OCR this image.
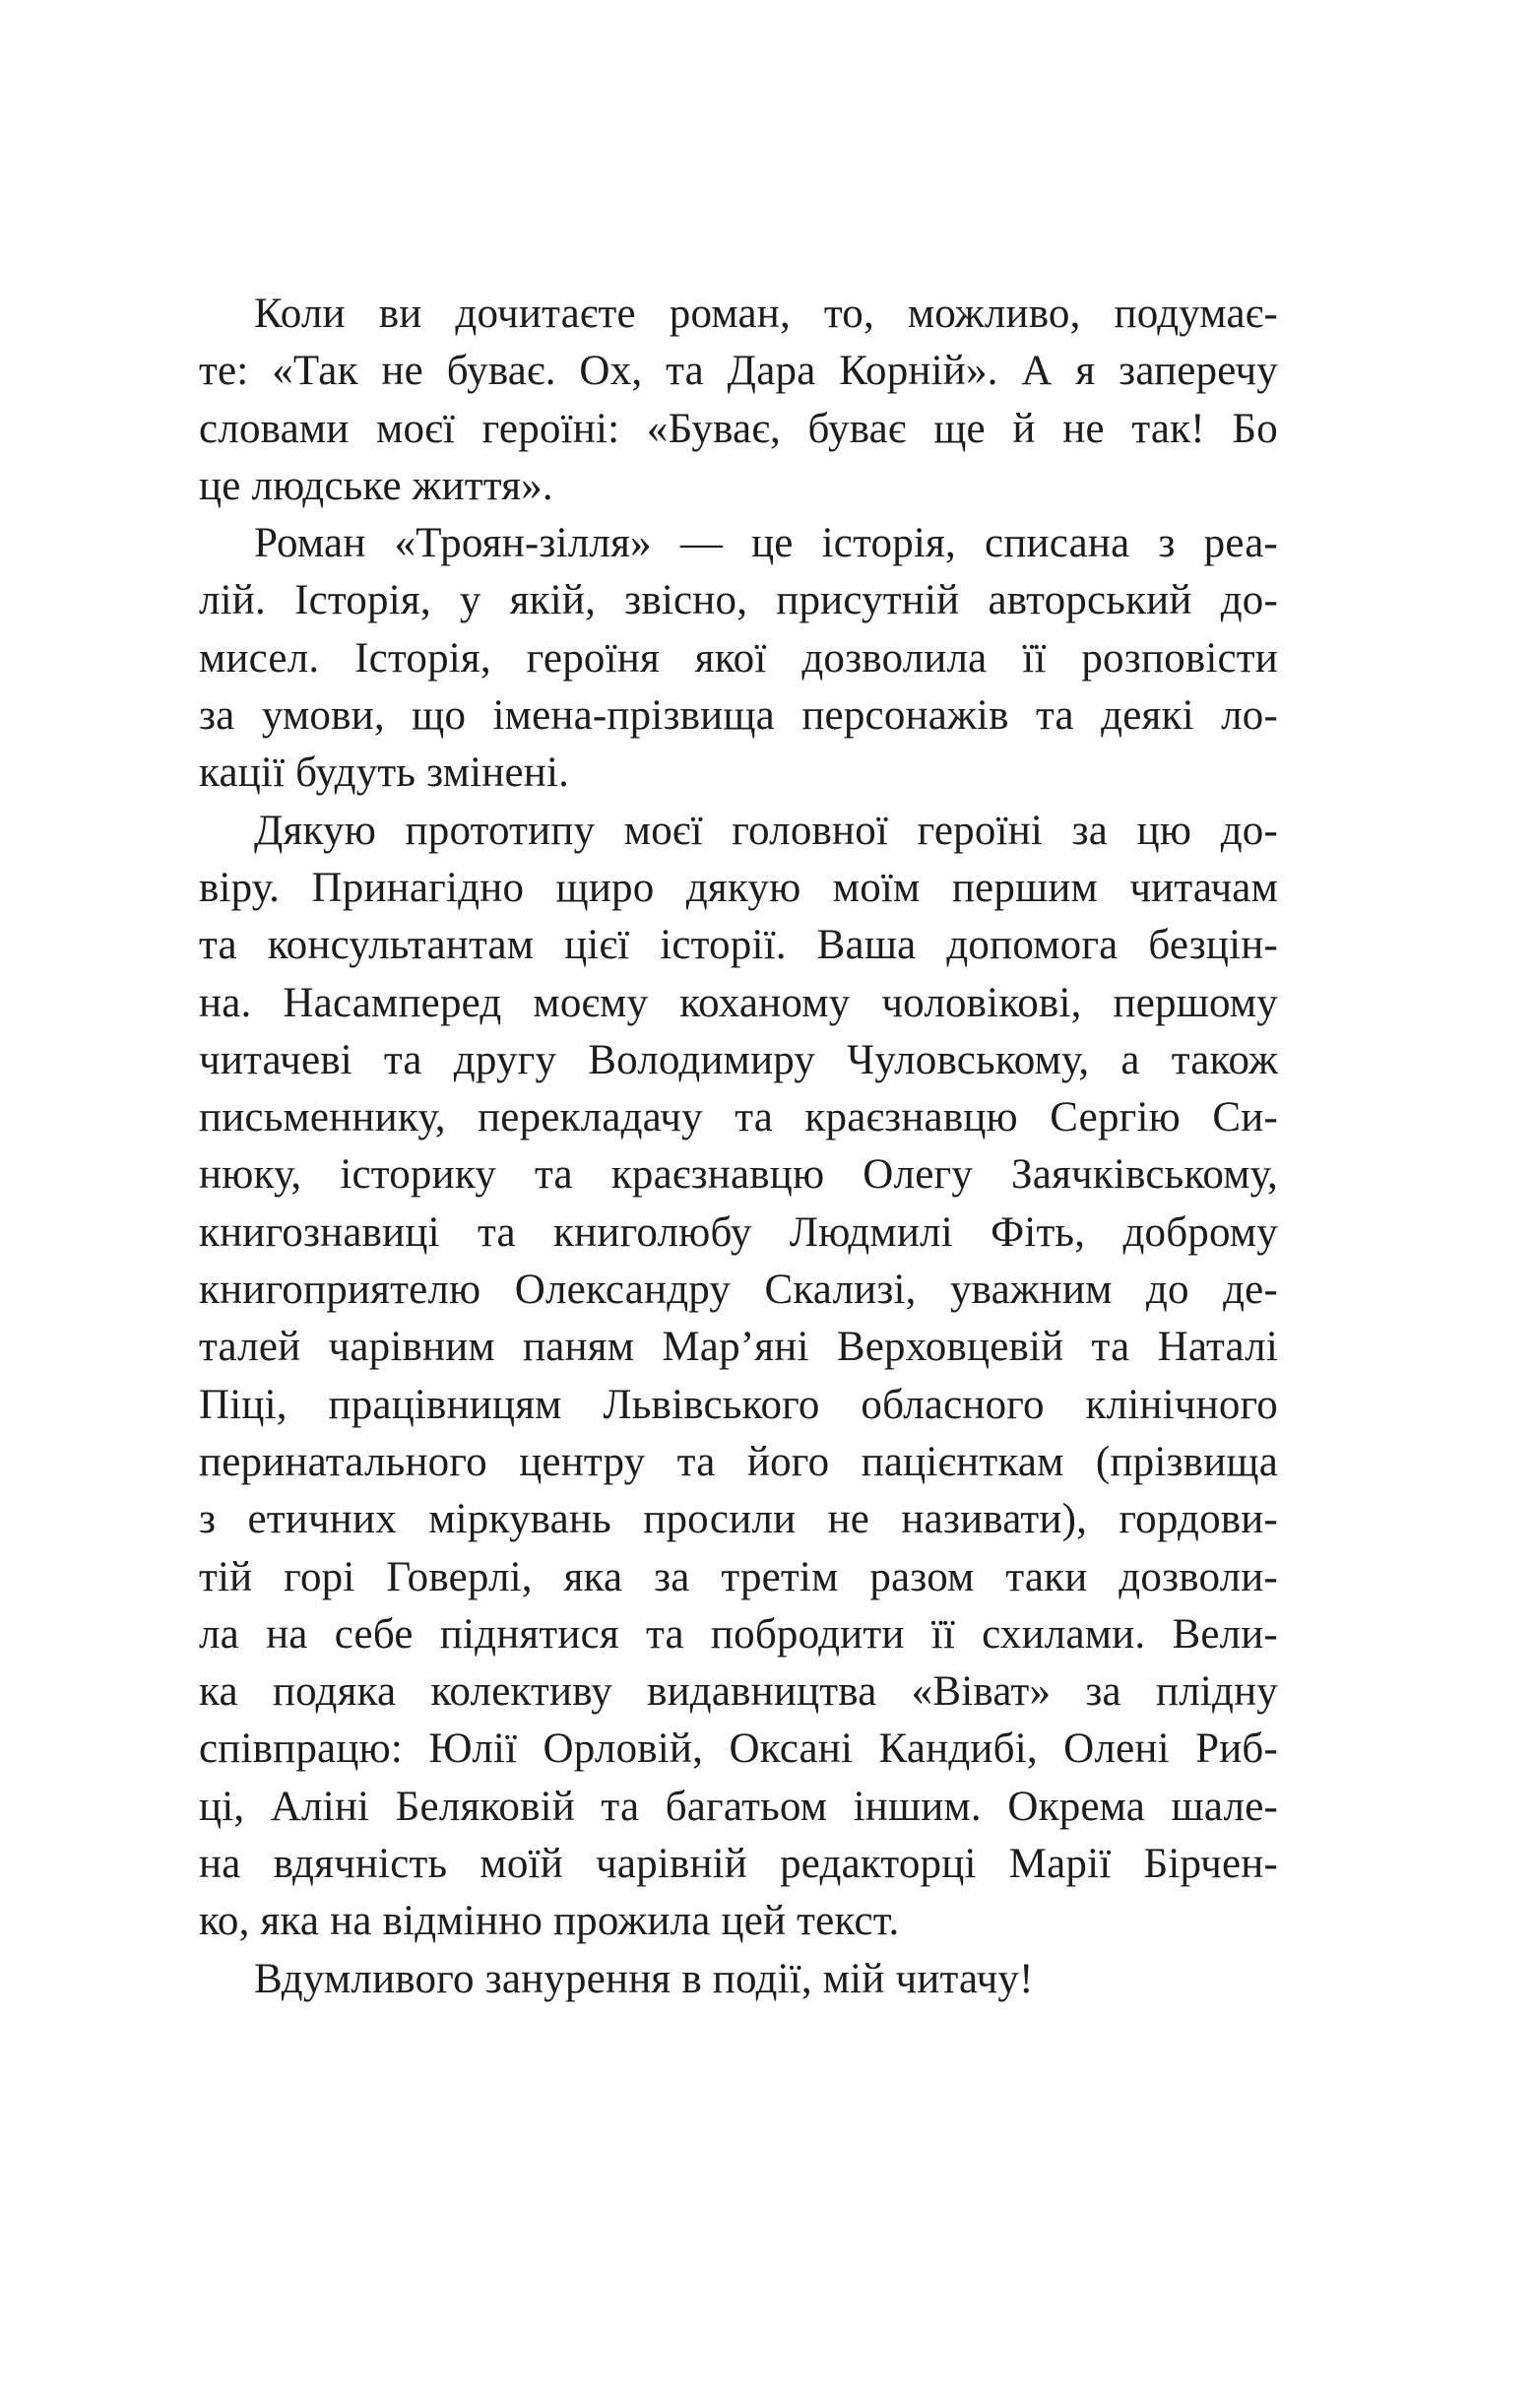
Коли ви дочитаєте роман, то, можливо, подумає-
те: «Так не буває. Ох, та Дара Корній». А я заперечу
словами моєї героїні: «Буває, буває ще й не так! Бо
це людське життя».
Роман «Троян-зілля» — це історія, списана з реа-
лій. Історія, у якій, звісно, присутній авторський до-
мисел. Історія, героїня якої дозволила її розповісти
за умови, що імена-прізвища персонажів та деякі ло-
кації будуть змінені.
Дякую прототипу моєї головної героїні за цю до-
віру. Принагідно щиро дякую моїм першим читачам
та консультантам цієї історії. Ваша допомога безцін-
на. Насамперед моєму коханому чоловікові, першому
читачеві та другу Володимиру Чуловському, а також
письменнику, перекладачу та краєзнавцю Сергію Си-
нюку, історику та краєзнавцю Олегу Заячківському,
книгознавиці та книголюбу Людмилі Фіть, доброму
книгоприятелю Олександру Скализі, уважним до де-
талей чарівним паням Мар’яні Верховцевій та Наталі
Піці, працівницям Львівського обласного клінічного
перинатального центру та його пацієнткам (прізвища
з етичних міркувань просили не називати), гордови-
тій горі Говерлі, яка за третім разом таки дозволи-
ла на себе піднятися та побродити її схилами. Вели-
ка подяка колективу видавництва «Віват» за плідну
співпрацю: Юлії Орловій, Оксані Кандибі, Олені Риб-
ці, Аліні Беляковій та багатьом іншим. Окрема шале-
на вдячність моїй чарівній редакторці Марії Бірчен-
ко, яка на відмінно прожила цей текст.
Вдумливого занурення в події, мій читачу!
